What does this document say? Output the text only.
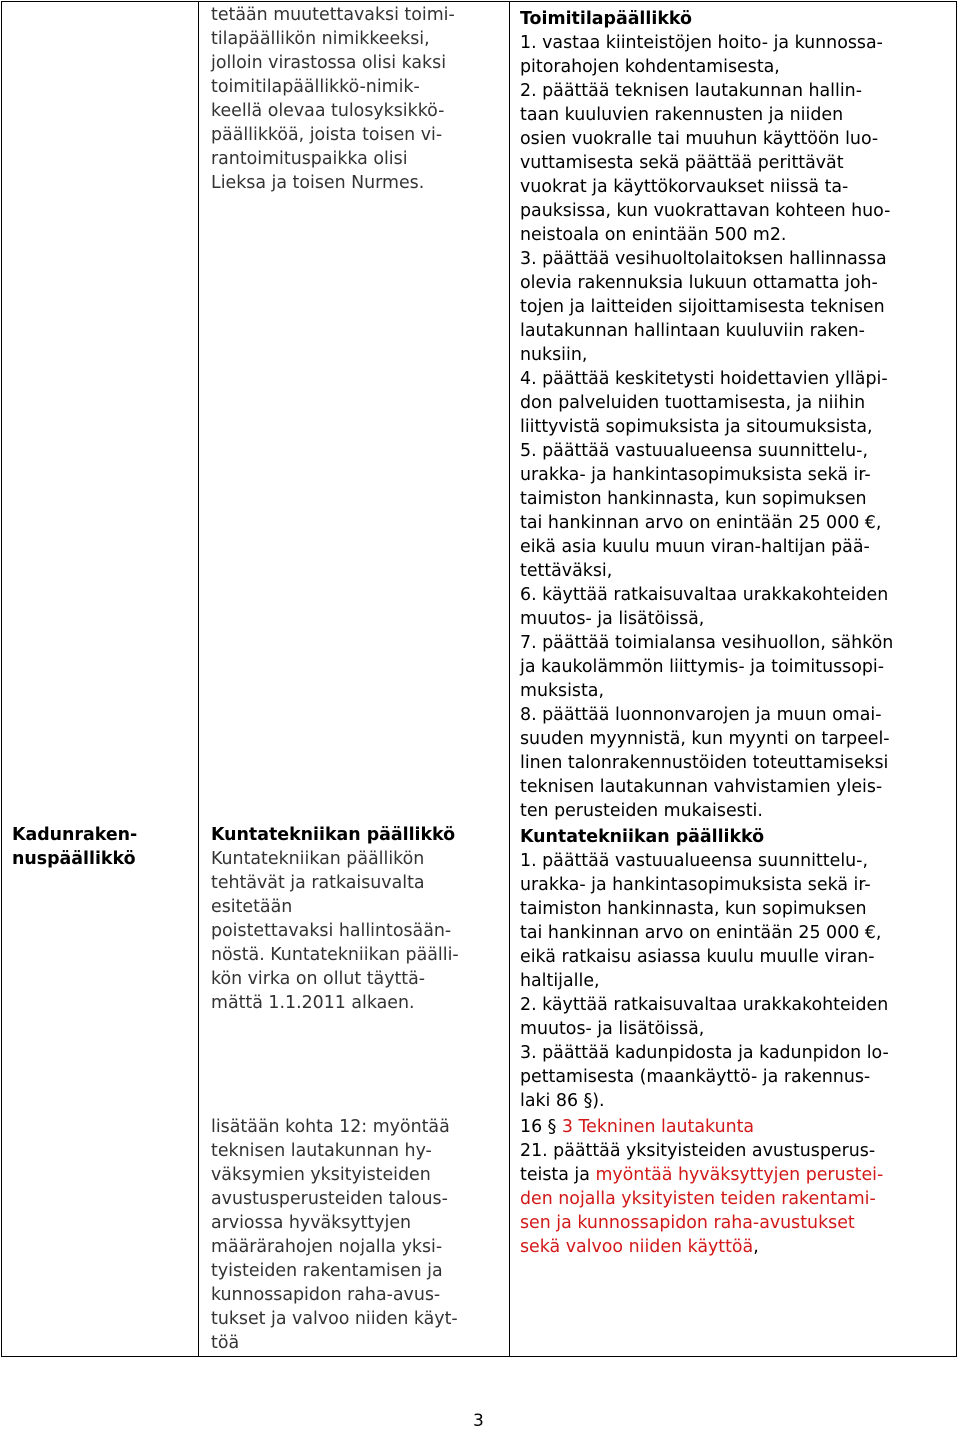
Kadunraken-
nuspäällikkö
tetään muutettavaksi toimi-
tilapäällikön nimikkeeksi,
jolloin virastossa olisi kaksi
toimitilapäällikkö-nimik-
keellä olevaa tulosyksikkö-
päällikköä, joista toisen vi-
rantoimituspaikka olisi
Lieksa ja toisen Nurmes.
Kuntatekniikan päällikkö
Kuntatekniikan päällikön
tehtävät ja ratkaisuvalta
esitetään
poistettavaksi hallintosään-
nöstä. Kuntatekniikan päälli-
kön virka on ollut täyttä-
mättä 1.1.2011 alkaen.
lisätään kohta 12: myöntää
teknisen lautakunnan hy-
väksymien yksityisteiden
avustusperusteiden talous-
arviossa hyväksyttyjen
määrärahojen nojalla yksi-
tyisteiden rakentamisen ja
kunnossapidon raha-avus-
tukset ja valvoo niiden käyt-
töä
Toimitilapäällikkö
1. vastaa kiinteistöjen hoito- ja kunnossa-
pitorahojen kohdentamisesta,
2. päättää teknisen lautakunnan hallin-
taan kuuluvien rakennusten ja niiden
osien vuokralle tai muuhun käyttöön luo-
vuttamisesta sekä päättää perittävät
vuokrat ja käyttökorvaukset niissä ta-
pauksissa, kun vuokrattavan kohteen huo-
neistoala on enintään 500 m2.
3. päättää vesihuoltolaitoksen hallinnassa
olevia rakennuksia lukuun ottamatta joh-
tojen ja laitteiden sijoittamisesta teknisen
lautakunnan hallintaan kuuluviin raken-
nuksiin,
4. päättää keskitetysti hoidettavien ylläpi-
don palveluiden tuottamisesta, ja niihin
liittyvistä sopimuksista ja sitoumuksista,
5. päättää vastuualueensa suunnittelu-,
urakka- ja hankintasopimuksista sekä ir-
taimiston hankinnasta, kun sopimuksen
tai hankinnan arvo on enintään 25 000 €,
eikä asia kuulu muun viran-haltijan pää-
tettäväksi,
6. käyttää ratkaisuvaltaa urakkakohteiden
muutos- ja lisätöissä,
7. päättää toimialansa vesihuollon, sähkön
ja kaukolämmön liittymis- ja toimitussopi-
muksista,
8. päättää luonnonvarojen ja muun omai-
suuden myynnistä, kun myynti on tarpeel-
linen talonrakennustöiden toteuttamiseksi
teknisen lautakunnan vahvistamien yleis-
ten perusteiden mukaisesti.
Kuntatekniikan päällikkö
1. päättää vastuualueensa suunnittelu-,
urakka- ja hankintasopimuksista sekä ir-
taimiston hankinnasta, kun sopimuksen
tai hankinnan arvo on enintään 25 000 €,
eikä ratkaisu asiassa kuulu muulle viran-
haltijalle,
2. käyttää ratkaisuvaltaa urakkakohteiden
muutos- ja lisätöissä,
3. päättää kadunpidosta ja kadunpidon lo-
pettamisesta (maankäyttö- ja rakennus-
laki 86 §).
16 § 3 Tekninen lautakunta
21. päättää yksityisteiden avustusperus-
teista ja myöntää hyväksyttyjen perustei-
den nojalla yksityisten teiden rakentami-
sen ja kunnossapidon raha-avustukset
sekä valvoo niiden käyttöä,
3
